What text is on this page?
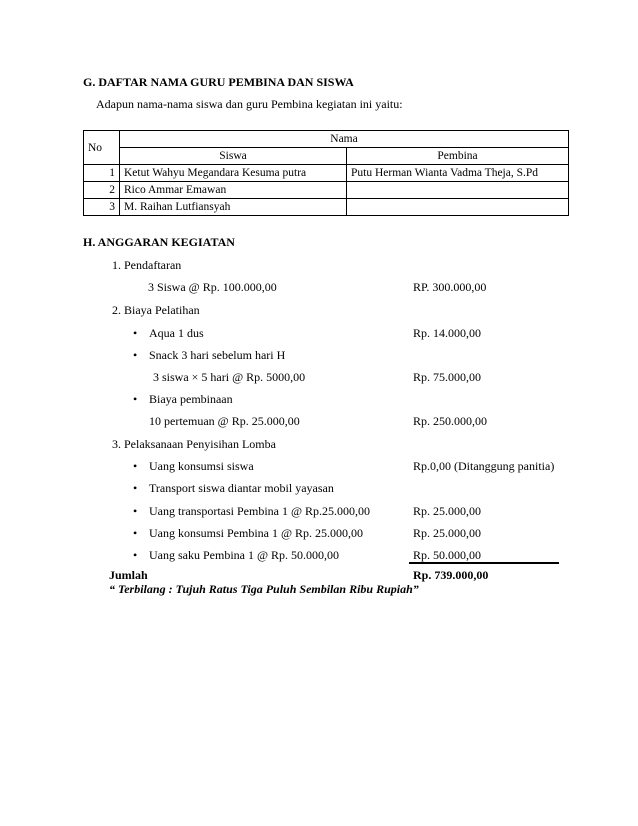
G. DAFTAR NAMA GURU PEMBINA DAN SISWA
Adapun nama-nama siswa dan guru Pembina kegiatan ini yaitu:
No	Nama	
	Siswa	Pembina
1	Ketut Wahyu Megandara Kesuma putra	Putu Herman Wianta Vadma Theja, S.Pd
2	Rico Ammar Emawan	
3	M. Raihan Lutfiansyah	
H. ANGGARAN KEGIATAN
1. Pendaftaran
3 Siswa @ Rp. 100.000,00	RP. 300.000,00
2. Biaya Pelatihan
• Aqua 1 dus	Rp. 14.000,00
• Snack 3 hari sebelum hari H
3 siswa × 5 hari @ Rp. 5000,00	Rp. 75.000,00
• Biaya pembinaan
10 pertemuan @ Rp. 25.000,00	Rp. 250.000,00
3. Pelaksanaan Penyisihan Lomba
• Uang konsumsi siswa	Rp.0,00 (Ditanggung panitia)
• Transport siswa diantar mobil yayasan
• Uang transportasi Pembina 1 @ Rp.25.000,00	Rp. 25.000,00
• Uang konsumsi Pembina 1 @ Rp. 25.000,00	Rp. 25.000,00
• Uang saku Pembina 1 @ Rp. 50.000,00	Rp. 50.000,00
Jumlah	Rp. 739.000,00
“ Terbilang : Tujuh Ratus Tiga Puluh Sembilan Ribu Rupiah”
